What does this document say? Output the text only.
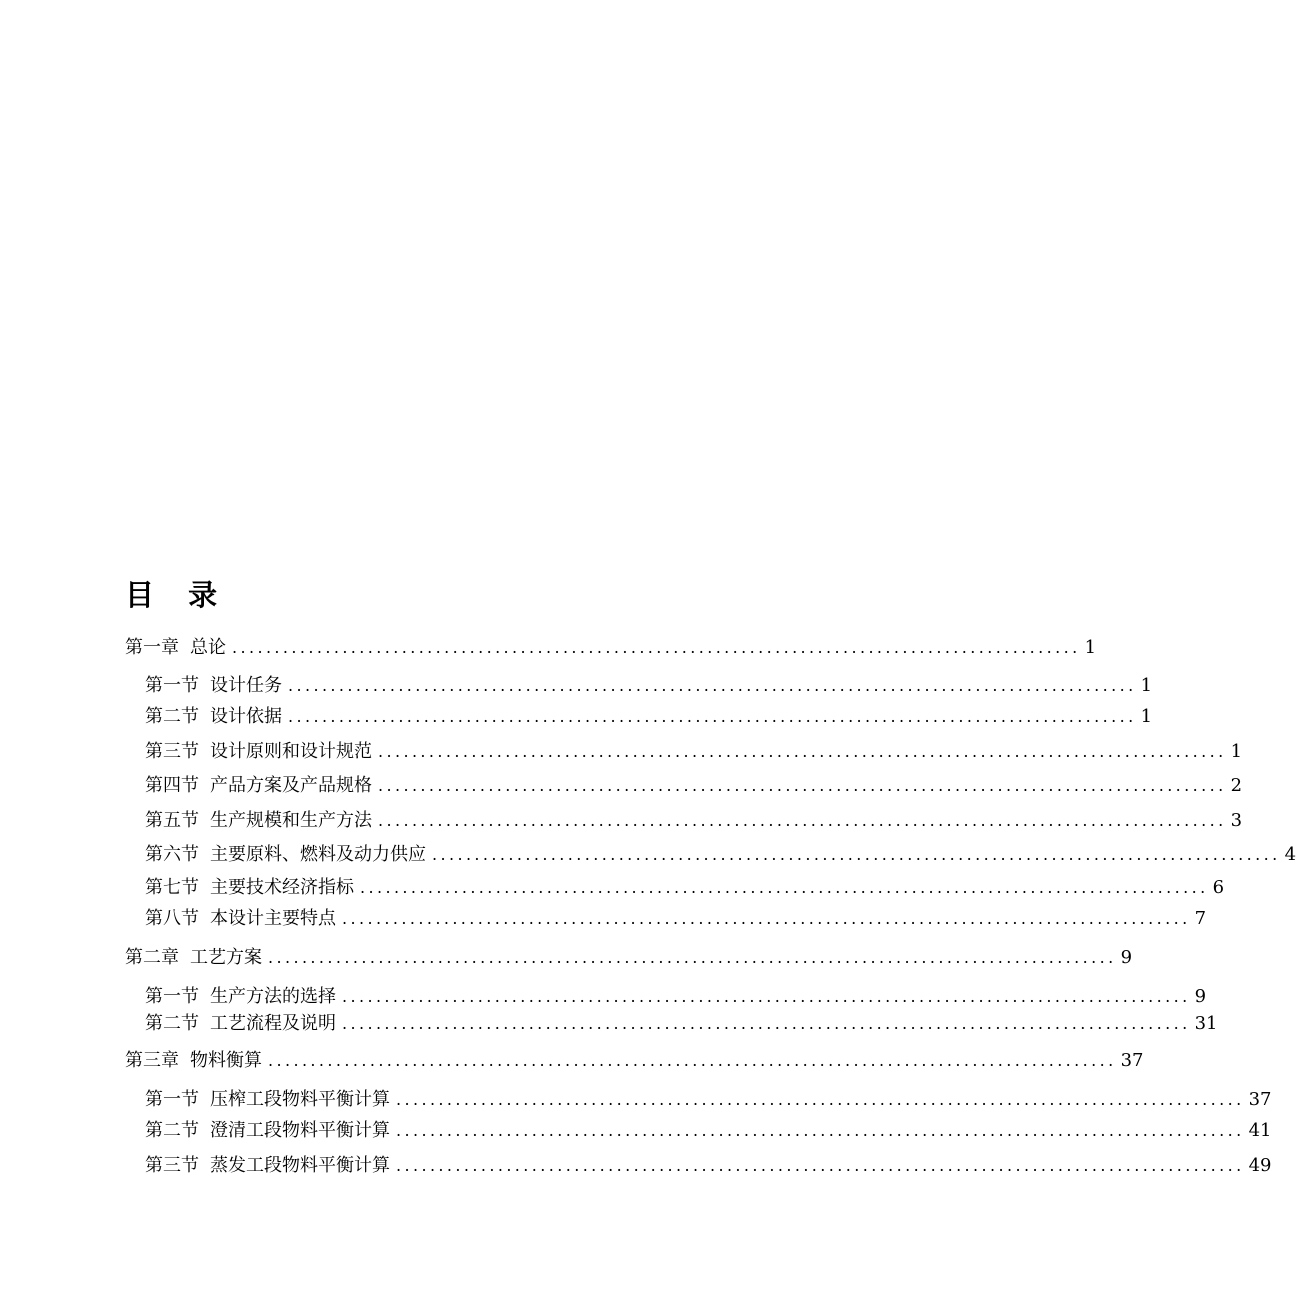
目 录
第一章 总论 .................................................................................................... 1
第一节 设计任务 .................................................................................................... 1
第二节 设计依据 .................................................................................................... 1
第三节 设计原则和设计规范 .................................................................................................... 1
第四节 产品方案及产品规格 .................................................................................................... 2
第五节 生产规模和生产方法 .................................................................................................... 3
第六节 主要原料、燃料及动力供应 .................................................................................................... 4
第七节 主要技术经济指标 .................................................................................................... 6
第八节 本设计主要特点 .................................................................................................... 7
第二章 工艺方案 .................................................................................................... 9
第一节 生产方法的选择 .................................................................................................... 9
第二节 工艺流程及说明 .................................................................................................... 31
第三章 物料衡算 .................................................................................................... 37
第一节 压榨工段物料平衡计算 .................................................................................................... 37
第二节 澄清工段物料平衡计算 .................................................................................................... 41
第三节 蒸发工段物料平衡计算 .................................................................................................... 49
